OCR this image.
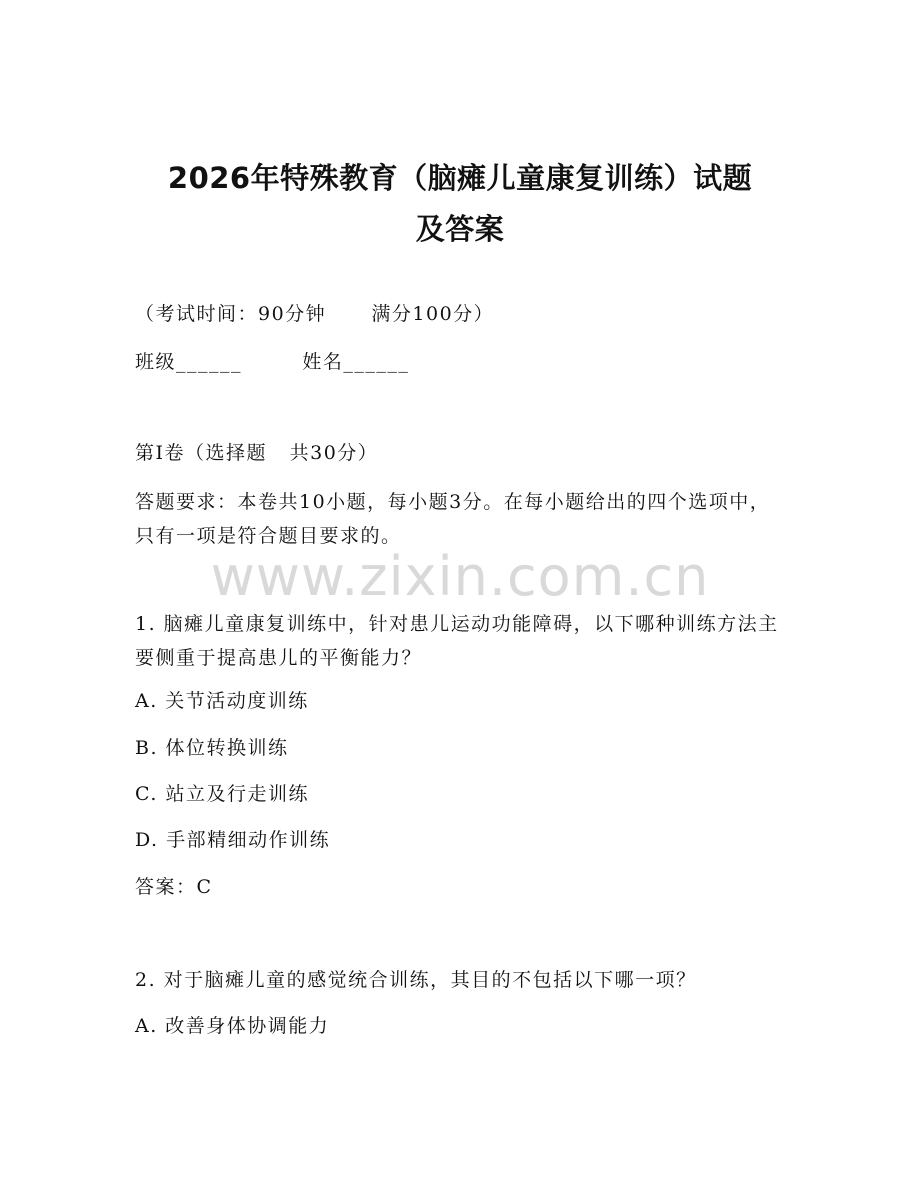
2026年特殊教育（脑瘫儿童康复训练）试题
及答案
（考试时间：90分钟      满分100分）
班级______        姓名______
第I卷（选择题   共30分）
答题要求：本卷共10小题，每小题3分。在每小题给出的四个选项中，只有一项是符合题目要求的。
www.zixin.com.cn
1. 脑瘫儿童康复训练中，针对患儿运动功能障碍，以下哪种训练方法主要侧重于提高患儿的平衡能力？
A. 关节活动度训练
B. 体位转换训练
C. 站立及行走训练
D. 手部精细动作训练
答案：C
2. 对于脑瘫儿童的感觉统合训练，其目的不包括以下哪一项？
A. 改善身体协调能力
